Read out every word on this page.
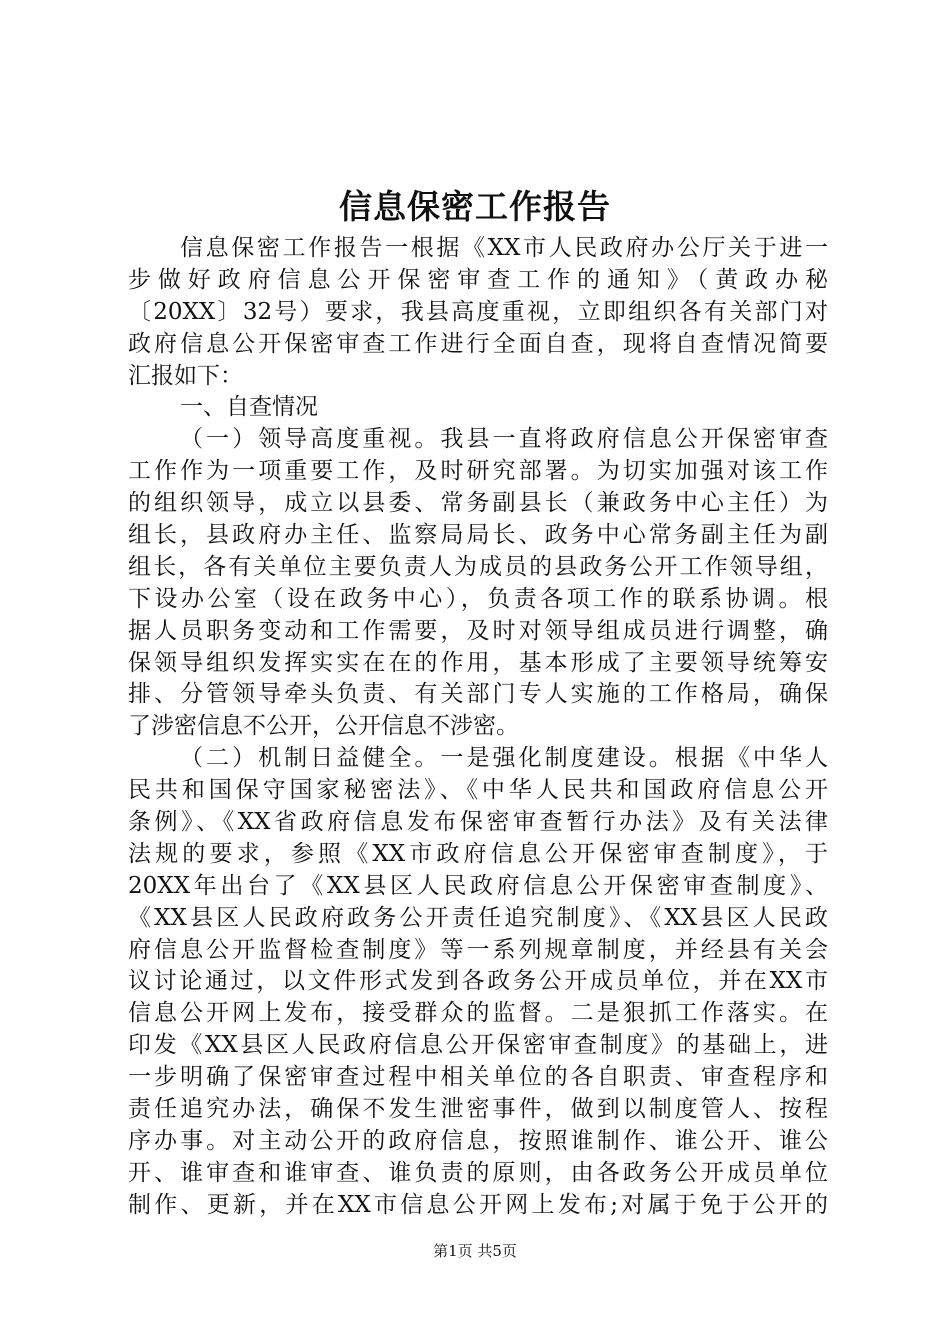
信息保密工作报告
信息保密工作报告一根据《XX市人民政府办公厅关于进一
步做好政府信息公开保密审查工作的通知》（黄政办秘
〔20XX〕32号）要求，我县高度重视，立即组织各有关部门对
政府信息公开保密审查工作进行全面自查，现将自查情况简要
汇报如下：
一、自查情况
（一）领导高度重视。我县一直将政府信息公开保密审查
工作作为一项重要工作，及时研究部署。为切实加强对该工作
的组织领导，成立以县委、常务副县长（兼政务中心主任）为
组长，县政府办主任、监察局局长、政务中心常务副主任为副
组长，各有关单位主要负责人为成员的县政务公开工作领导组，
下设办公室（设在政务中心），负责各项工作的联系协调。根
据人员职务变动和工作需要，及时对领导组成员进行调整，确
保领导组织发挥实实在在的作用，基本形成了主要领导统筹安
排、分管领导牵头负责、有关部门专人实施的工作格局，确保
了涉密信息不公开，公开信息不涉密。
（二）机制日益健全。一是强化制度建设。根据《中华人
民共和国保守国家秘密法》、《中华人民共和国政府信息公开
条例》、《XX省政府信息发布保密审查暂行办法》及有关法律
法规的要求，参照《XX市政府信息公开保密审查制度》，于
20XX年出台了《XX县区人民政府信息公开保密审查制度》、
《XX县区人民政府政务公开责任追究制度》、《XX县区人民政
府信息公开监督检查制度》等一系列规章制度，并经县有关会
议讨论通过，以文件形式发到各政务公开成员单位，并在XX市
信息公开网上发布，接受群众的监督。二是狠抓工作落实。在
印发《XX县区人民政府信息公开保密审查制度》的基础上，进
一步明确了保密审查过程中相关单位的各自职责、审查程序和
责任追究办法，确保不发生泄密事件，做到以制度管人、按程
序办事。对主动公开的政府信息，按照谁制作、谁公开、谁公
开、谁审查和谁审查、谁负责的原则，由各政务公开成员单位
制作、更新，并在XX市信息公开网上发布;对属于免于公开的
第1页 共5页
